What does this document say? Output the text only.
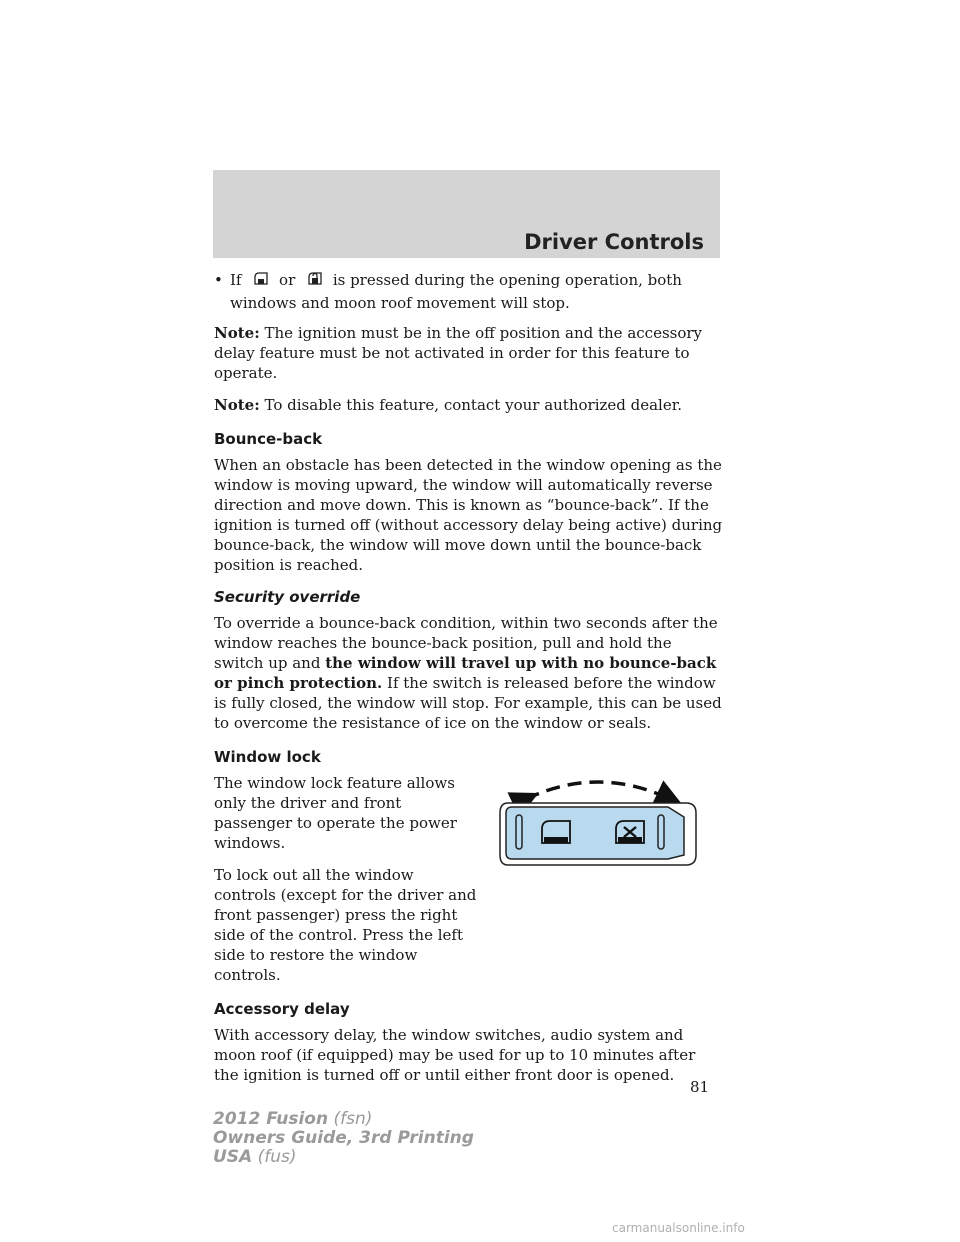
Driver Controls
• If	or	is pressed during the opening operation, both windows and moon roof movement will stop.

Note: The ignition must be in the off position and the accessory delay feature must be not activated in order for this feature to operate.

Note: To disable this feature, contact your authorized dealer.

Bounce-back

When an obstacle has been detected in the window opening as the window is moving upward, the window will automatically reverse direction and move down. This is known as “bounce-back”. If the ignition is turned off (without accessory delay being active) during bounce-back, the window will move down until the bounce-back position is reached.

Security override

To override a bounce-back condition, within two seconds after the window reaches the bounce-back position, pull and hold the switch up and the window will travel up with no bounce-back or pinch protection. If the switch is released before the window is fully closed, the window will stop. For example, this can be used to overcome the resistance of ice on the window or seals.

Window lock

The window lock feature allows only the driver and front passenger to operate the power windows.

To lock out all the window controls (except for the driver and front passenger) press the right side of the control. Press the left side to restore the window controls.

Accessory delay

With accessory delay, the window switches, audio system and moon roof (if equipped) may be used for up to 10 minutes after the ignition is turned off or until either front door is opened.

81
2012 Fusion (fsn)
Owners Guide, 3rd Printing
USA (fus)
carmanualsonline.info
